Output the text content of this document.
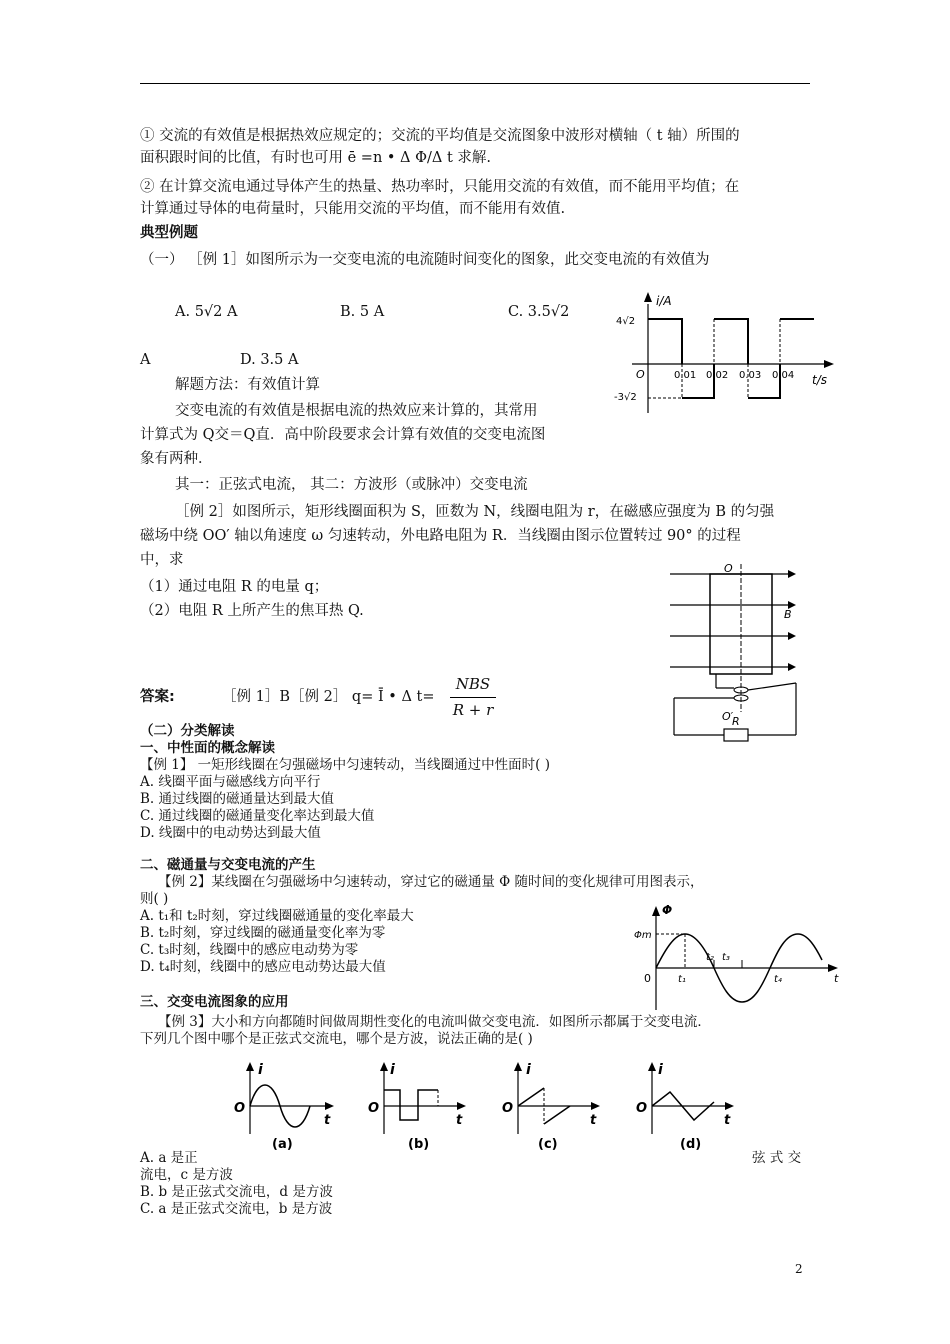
① 交流的有效值是根据热效应规定的；交流的平均值是交流图象中波形对横轴（ t 轴）所围的
面积跟时间的比值，有时也可用 ē =n • Δ Φ/Δ t 求解.
② 在计算交流电通过导体产生的热量、热功率时，只能用交流的有效值，而不能用平均值；在
计算通过导体的电荷量时，只能用交流的平均值，而不能用有效值.
典型例题
（一） ［例 1］如图所示为一交变电流的电流随时间变化的图象，此交变电流的有效值为
A. 5√2 A	B. 5 A	C. 3.5√2
A	D. 3.5 A
解题方法：有效值计算
交变电流的有效值是根据电流的热效应来计算的，其常用
计算式为 Q交＝Q直．高中阶段要求会计算有效值的交变电流图
象有两种．
其一：正弦式电流， 其二：方波形（或脉冲）交变电流
［例 2］如图所示，矩形线圈面积为 S，匝数为 N，线圈电阻为 r，在磁感应强度为 B 的匀强
磁场中绕 OO′ 轴以角速度 ω 匀速转动，外电路电阻为 R．当线圈由图示位置转过 90° 的过程
中，求
（1）通过电阻 R 的电量 q；
（2）电阻 R 上所产生的焦耳热 Q.
答案:	［例 1］B［例 2］ q= Ī • Δ t=
NBS
R + r
（二）分类解读
一、中性面的概念解读
【例 1】 一矩形线圈在匀强磁场中匀速转动，当线圈通过中性面时( )
A. 线圈平面与磁感线方向平行
B. 通过线圈的磁通量达到最大值
C. 通过线圈的磁通量变化率达到最大值
D. 线圈中的电动势达到最大值
二、磁通量与交变电流的产生
【例 2】某线圈在匀强磁场中匀速转动，穿过它的磁通量 Φ 随时间的变化规律可用图表示，
则( )
A. t₁和 t₂时刻，穿过线圈磁通量的变化率最大
B. t₂时刻，穿过线圈的磁通量变化率为零
C. t₃时刻，线圈中的感应电动势为零
D. t₄时刻，线圈中的感应电动势达最大值
三、交变电流图象的应用
【例 3】大小和方向都随时间做周期性变化的电流叫做交变电流．如图所示都属于交变电流．
下列几个图中哪个是正弦式交流电，哪个是方波，说法正确的是( )
A. a 是正	弦 式 交
流电，c 是方波
B. b 是正弦式交流电，d 是方波
C. a 是正弦式交流电，b 是方波
2
i/A
t/s
O
4√2
-3√2
0.01 0.02 0.03 0.04
O
B
R
O′
Φ
Φm
0	t
t₁
t₂ t₃
t₄
i
O
t
(a)
i
O
t
(b)
i
O
t
(c)
i
O
t
(d)
